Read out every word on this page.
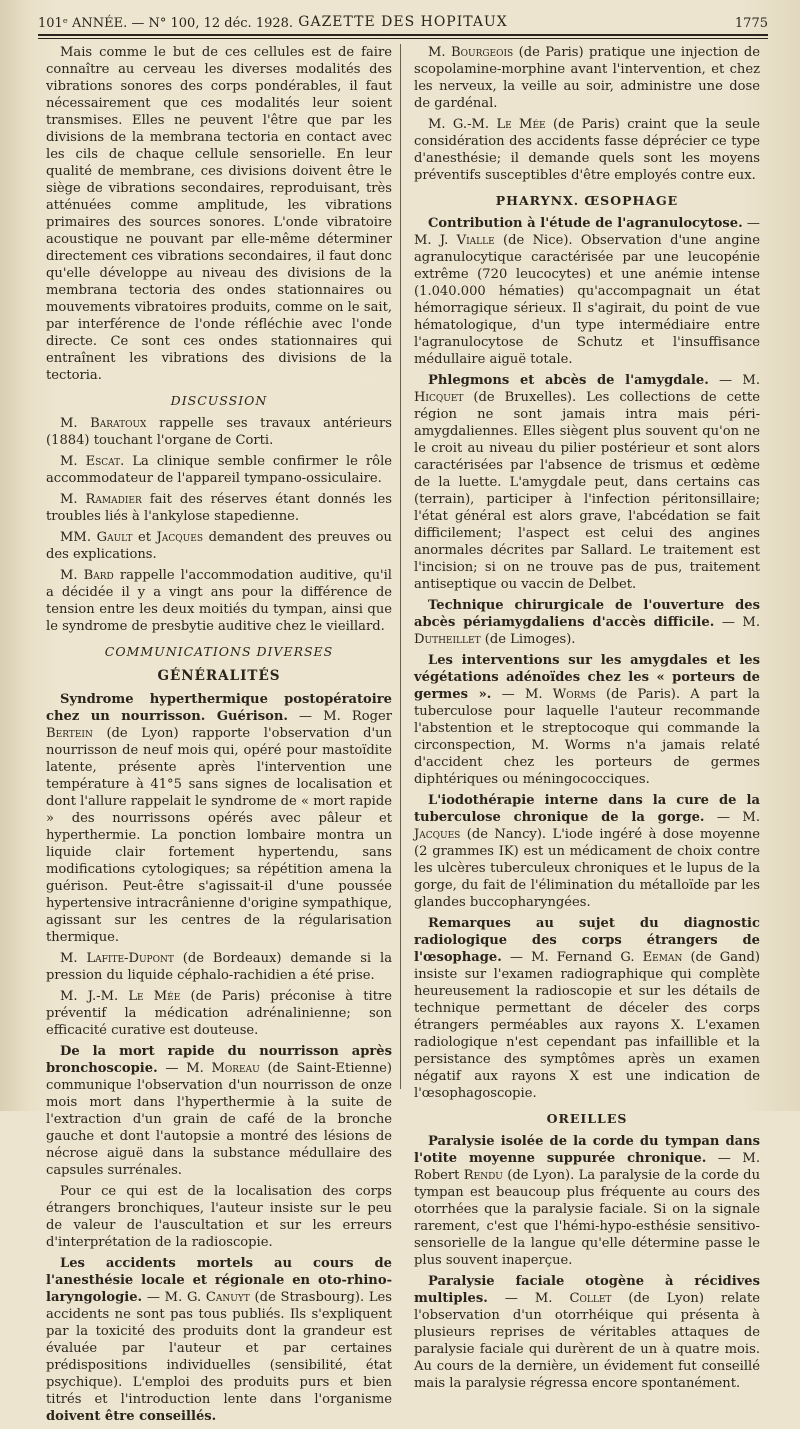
101ᵉ ANNÉE. — N° 100, 12 déc. 1928. GAZETTE DES HOPITAUX	1775

Mais comme le but de ces cellules est de faire connaître au cerveau les diverses modalités des vibrations sonores des corps pondérables, il faut nécessairement que ces modalités leur soient transmises. Elles ne peuvent l'être que par les divisions de la membrana tectoria en contact avec les cils de chaque cellule sensorielle. En leur qualité de membrane, ces divisions doivent être le siège de vibrations secondaires, reproduisant, très atténuées comme amplitude, les vibrations primaires des sources sonores. L'onde vibratoire acoustique ne pouvant par elle-même déterminer directement ces vibrations secondaires, il faut donc qu'elle développe au niveau des divisions de la membrana tectoria des ondes stationnaires ou mouvements vibratoires produits, comme on le sait, par interférence de l'onde réfléchie avec l'onde directe. Ce sont ces ondes stationnaires qui entraînent les vibrations des divisions de la tectoria.

DISCUSSION

M. Baratoux rappelle ses travaux antérieurs (1884) touchant l'organe de Corti.

M. Escat. La clinique semble confirmer le rôle accommodateur de l'appareil tympano-ossiculaire.

M. Ramadier fait des réserves étant donnés les troubles liés à l'ankylose stapedienne.

MM. Gault et Jacques demandent des preuves ou des explications.

M. Bard rappelle l'accommodation auditive, qu'il a décidée il y a vingt ans pour la différence de tension entre les deux moitiés du tympan, ainsi que le syndrome de presbytie auditive chez le vieillard.

COMMUNICATIONS DIVERSES
GÉNÉRALITÉS

Syndrome hyperthermique postopératoire chez un nourrisson. Guérison. — M. Roger Bertein (de Lyon) rapporte l'observation d'un nourrisson de neuf mois qui, opéré pour mastoïdite latente, présente après l'intervention une température à 41°5 sans signes de localisation et dont l'allure rappelait le syndrome de « mort rapide » des nourrissons opérés avec pâleur et hyperthermie. La ponction lombaire montra un liquide clair fortement hypertendu, sans modifications cytologiques; sa répétition amena la guérison. Peut-être s'agissait-il d'une poussée hypertensive intracrânienne d'origine sympathique, agissant sur les centres de la régularisation thermique.

M. Lafite-Dupont (de Bordeaux) demande si la pression du liquide céphalo-rachidien a été prise.

M. J.-M. Le Mée (de Paris) préconise à titre préventif la médication adrénalinienne; son efficacité curative est douteuse.

De la mort rapide du nourrisson après bronchoscopie. — M. Moreau (de Saint-Etienne) communique l'observation d'un nourrisson de onze mois mort dans l'hyperthermie à la suite de l'extraction d'un grain de café de la bronche gauche et dont l'autopsie a montré des lésions de nécrose aiguë dans la substance médullaire des capsules surrénales.

Pour ce qui est de la localisation des corps étrangers bronchiques, l'auteur insiste sur le peu de valeur de l'auscultation et sur les erreurs d'interprétation de la radioscopie.

Les accidents mortels au cours de l'anesthésie locale et régionale en oto-rhino-laryngologie. — M. G. Canuyt (de Strasbourg). Les accidents ne sont pas tous publiés. Ils s'expliquent par la toxicité des produits dont la grandeur est évaluée par l'auteur et par certaines prédispositions individuelles (sensibilité, état psychique). L'emploi des produits purs et bien titrés et l'introduction lente dans l'organisme doivent être conseillés.

M. Bourgeois (de Paris) pratique une injection de scopolamine-morphine avant l'intervention, et chez les nerveux, la veille au soir, administre une dose de gardénal.

M. G.-M. Le Mée (de Paris) craint que la seule considération des accidents fasse déprécier ce type d'anesthésie; il demande quels sont les moyens préventifs susceptibles d'être employés contre eux.

PHARYNX. ŒSOPHAGE

Contribution à l'étude de l'agranulocytose. — M. J. Vialle (de Nice). Observation d'une angine agranulocytique caractérisée par une leucopénie extrême (720 leucocytes) et une anémie intense (1.040.000 hématies) qu'accompagnait un état hémorragique sérieux. Il s'agirait, du point de vue hématologique, d'un type intermédiaire entre l'agranulocytose de Schutz et l'insuffisance médullaire aiguë totale.

Phlegmons et abcès de l'amygdale. — M. Hicquet (de Bruxelles). Les collections de cette région ne sont jamais intra mais péri-amygdaliennes. Elles siègent plus souvent qu'on ne le croit au niveau du pilier postérieur et sont alors caractérisées par l'absence de trismus et œdème de la luette. L'amygdale peut, dans certains cas (terrain), participer à l'infection péritonsillaire; l'état général est alors grave, l'abcédation se fait difficilement; l'aspect est celui des angines anormales décrites par Sallard. Le traitement est l'incision; si on ne trouve pas de pus, traitement antiseptique ou vaccin de Delbet.

Technique chirurgicale de l'ouverture des abcès périamygdaliens d'accès difficile. — M. Dutheillet (de Limoges).

Les interventions sur les amygdales et les végétations adénoïdes chez les « porteurs de germes ». — M. Worms (de Paris). A part la tuberculose pour laquelle l'auteur recommande l'abstention et le streptocoque qui commande la circonspection, M. Worms n'a jamais relaté d'accident chez les porteurs de germes diphtériques ou méningococciques.

L'iodothérapie interne dans la cure de la tuberculose chronique de la gorge. — M. Jacques (de Nancy). L'iode ingéré à dose moyenne (2 grammes IK) est un médicament de choix contre les ulcères tuberculeux chroniques et le lupus de la gorge, du fait de l'élimination du métalloïde par les glandes buccopharyngées.

Remarques au sujet du diagnostic radiologique des corps étrangers de l'œsophage. — M. Fernand G. Eeman (de Gand) insiste sur l'examen radiographique qui complète heureusement la radioscopie et sur les détails de technique permettant de déceler des corps étrangers perméables aux rayons X. L'examen radiologique n'est cependant pas infaillible et la persistance des symptômes après un examen négatif aux rayons X est une indication de l'œsophagoscopie.

OREILLES

Paralysie isolée de la corde du tympan dans l'otite moyenne suppurée chronique. — M. Robert Rendu (de Lyon). La paralysie de la corde du tympan est beaucoup plus fréquente au cours des otorrhées que la paralysie faciale. Si on la signale rarement, c'est que l'hémi-hypo-esthésie sensitivo-sensorielle de la langue qu'elle détermine passe le plus souvent inaperçue.

Paralysie faciale otogène à récidives multiples. — M. Collet (de Lyon) relate l'observation d'un otorrhéique qui présenta à plusieurs reprises de véritables attaques de paralysie faciale qui durèrent de un à quatre mois. Au cours de la dernière, un évidement fut conseillé mais la paralysie régressa encore spontanément.
